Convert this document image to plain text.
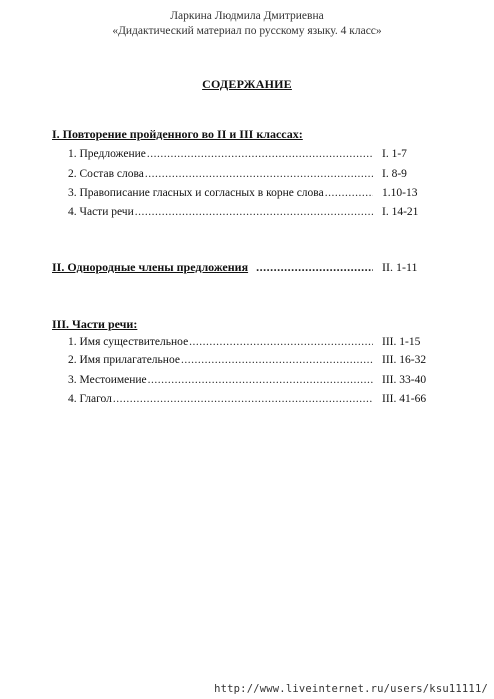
Ларкина Людмила Дмитриевна
«Дидактический материал по русскому языку. 4 класс»
СОДЕРЖАНИЕ
I. Повторение пройденного во II и III классах:
1. Предложение .....	I. 1-7
2. Состав слова .....	I. 8-9
3. Правописание гласных и согласных в корне слова .....	1.10-13
4. Части речи .....	I. 14-21
II. Однородные члены предложения .....	II. 1-11
III. Части речи:
1. Имя существительное .....	III. 1-15
2. Имя прилагательное .....	III. 16-32
3. Местоимение .....	III. 33-40
4. Глагол .....	III. 41-66
http://www.liveinternet.ru/users/ksu11111/
